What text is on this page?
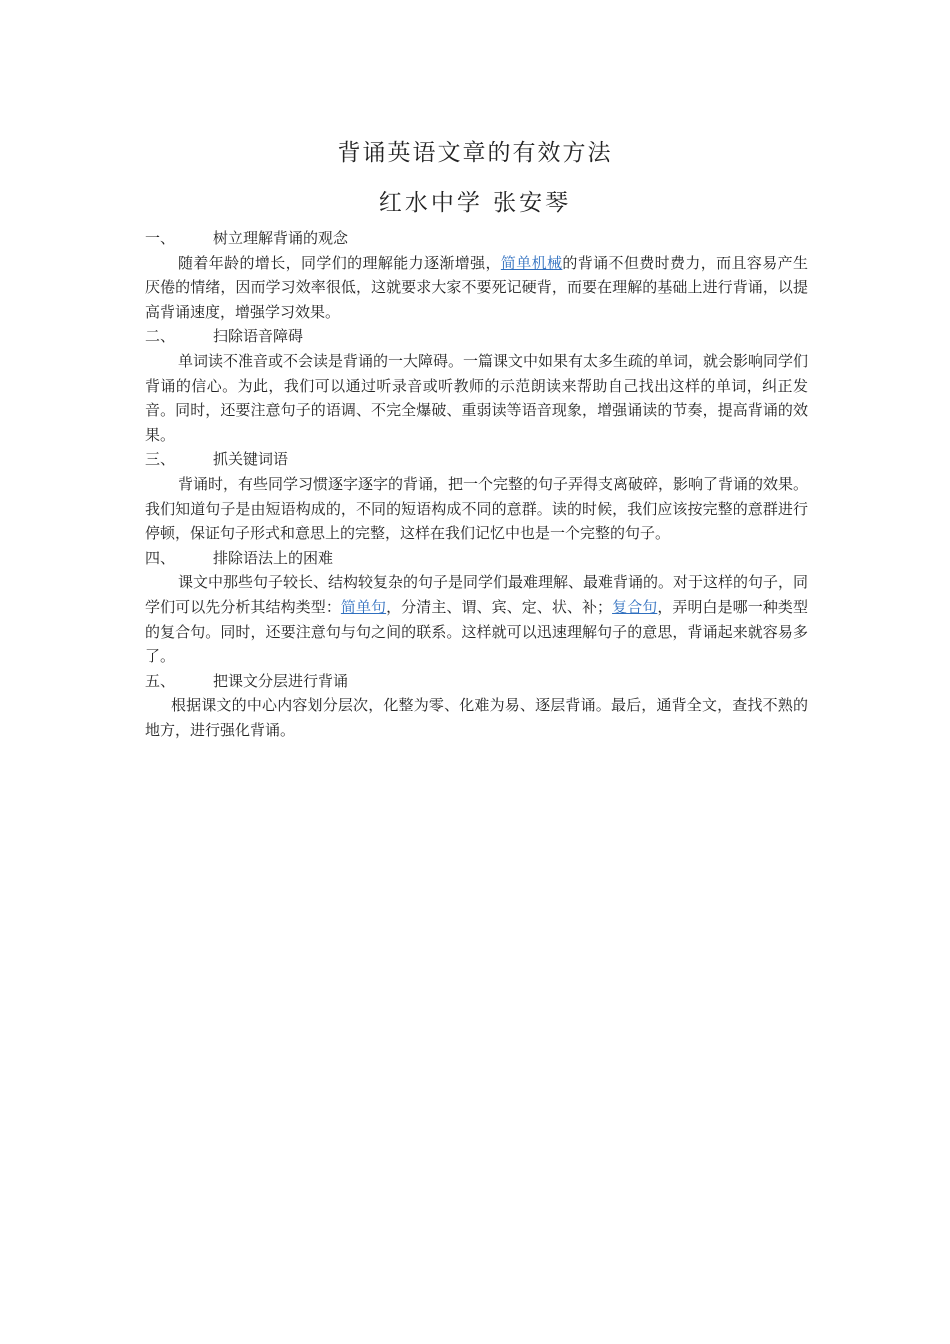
背诵英语文章的有效方法
红水中学 张安琴
一、	树立理解背诵的观念

随着年龄的增长，同学们的理解能力逐渐增强，简单机械的背诵不但费时费力，而且容易产生厌倦的情绪，因而学习效率很低，这就要求大家不要死记硬背，而要在理解的基础上进行背诵，以提高背诵速度，增强学习效果。

二、	扫除语音障碍

单词读不准音或不会读是背诵的一大障碍。一篇课文中如果有太多生疏的单词，就会影响同学们背诵的信心。为此，我们可以通过听录音或听教师的示范朗读来帮助自己找出这样的单词，纠正发音。同时，还要注意句子的语调、不完全爆破、重弱读等语音现象，增强诵读的节奏，提高背诵的效果。

三、	抓关键词语

背诵时，有些同学习惯逐字逐字的背诵，把一个完整的句子弄得支离破碎，影响了背诵的效果。我们知道句子是由短语构成的，不同的短语构成不同的意群。读的时候，我们应该按完整的意群进行停顿，保证句子形式和意思上的完整，这样在我们记忆中也是一个完整的句子。

四、	排除语法上的困难

课文中那些句子较长、结构较复杂的句子是同学们最难理解、最难背诵的。对于这样的句子，同学们可以先分析其结构类型：简单句，分清主、谓、宾、定、状、补；复合句，弄明白是哪一种类型的复合句。同时，还要注意句与句之间的联系。这样就可以迅速理解句子的意思，背诵起来就容易多了。

五、	把课文分层进行背诵

根据课文的中心内容划分层次，化整为零、化难为易、逐层背诵。最后，通背全文，查找不熟的地方，进行强化背诵。
